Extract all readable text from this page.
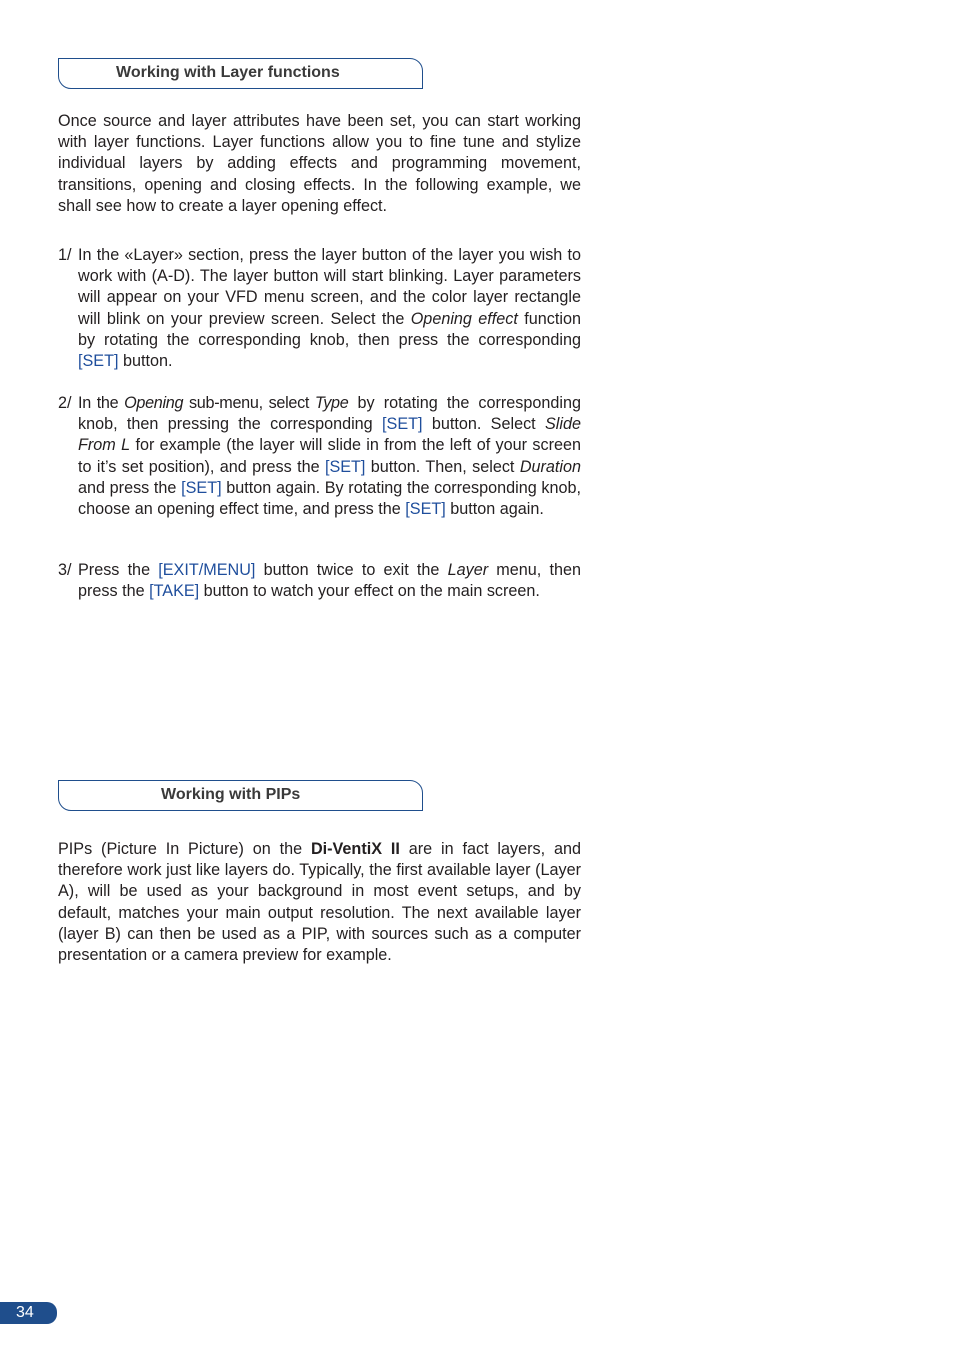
Working with Layer functions

Once source and layer attributes have been set, you can start working with layer functions. Layer functions allow you to fine tune and stylize individual layers by adding effects and programming movement, transitions, opening and closing effects. In the following example, we shall see how to create a layer opening effect.

1/ In the «Layer» section, press the layer button of the layer you wish to work with (A-D). The layer button will start blinking. Layer parameters will appear on your VFD menu screen, and the color layer rectangle will blink on your preview screen. Select the Opening effect function by rotating the corresponding knob, then press the corresponding [SET] button.
2/ In the Opening sub-menu, select Type by rotating the corresponding knob, then pressing the corresponding [SET] button. Select Slide From L for example (the layer will slide in from the left of your screen to it’s set position), and press the [SET] button. Then, select Duration and press the [SET] button again. By rotating the corresponding knob, choose an opening effect time, and press the [SET] button again.
3/ Press the [EXIT/MENU] button twice to exit the Layer menu, then press the [TAKE] button to watch your effect on the main screen.
Working with PIPs

PIPs (Picture In Picture) on the Di-VentiX II are in fact layers, and therefore work just like layers do. Typically, the first available layer (Layer A), will be used as your background in most event setups, and by default, matches your main output resolution. The next available layer (layer B) can then be used as a PIP, with sources such as a computer presentation or a camera preview for example.

34
